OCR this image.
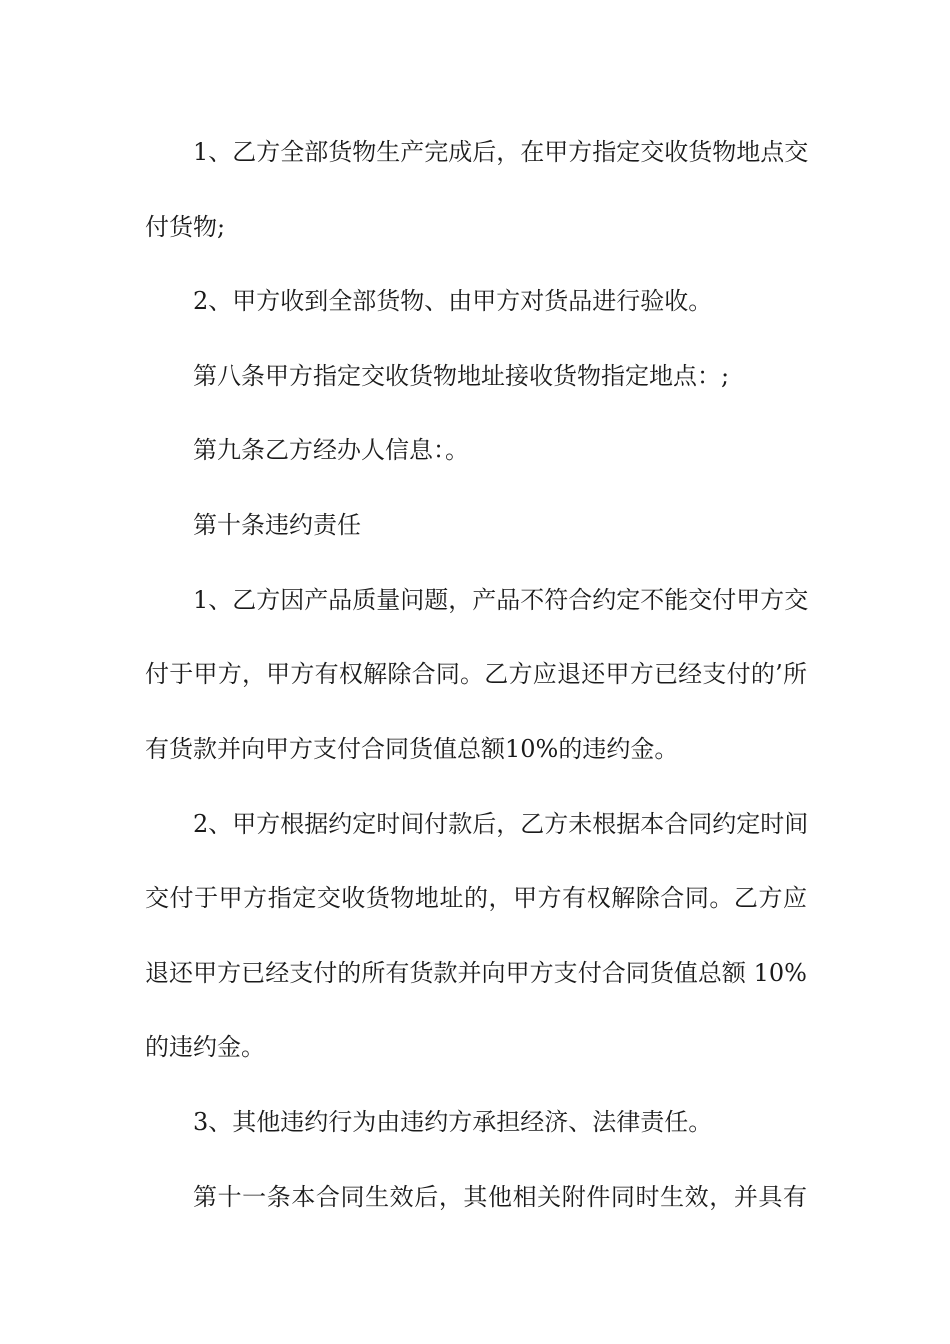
1、乙方全部货物生产完成后，在甲方指定交收货物地点交
付货物;
2、甲方收到全部货物、由甲方对货品进行验收。
第八条甲方指定交收货物地址接收货物指定地点：;
第九条乙方经办人信息：。
第十条违约责任
1、乙方因产品质量问题，产品不符合约定不能交付甲方交
付于甲方，甲方有权解除合同。乙方应退还甲方已经支付的’所
有货款并向甲方支付合同货值总额10%的违约金。
2、甲方根据约定时间付款后，乙方未根据本合同约定时间
交付于甲方指定交收货物地址的，甲方有权解除合同。乙方应
退还甲方已经支付的所有货款并向甲方支付合同货值总额 10%
的违约金。
3、其他违约行为由违约方承担经济、法律责任。
第十一条本合同生效后，其他相关附件同时生效，并具有
